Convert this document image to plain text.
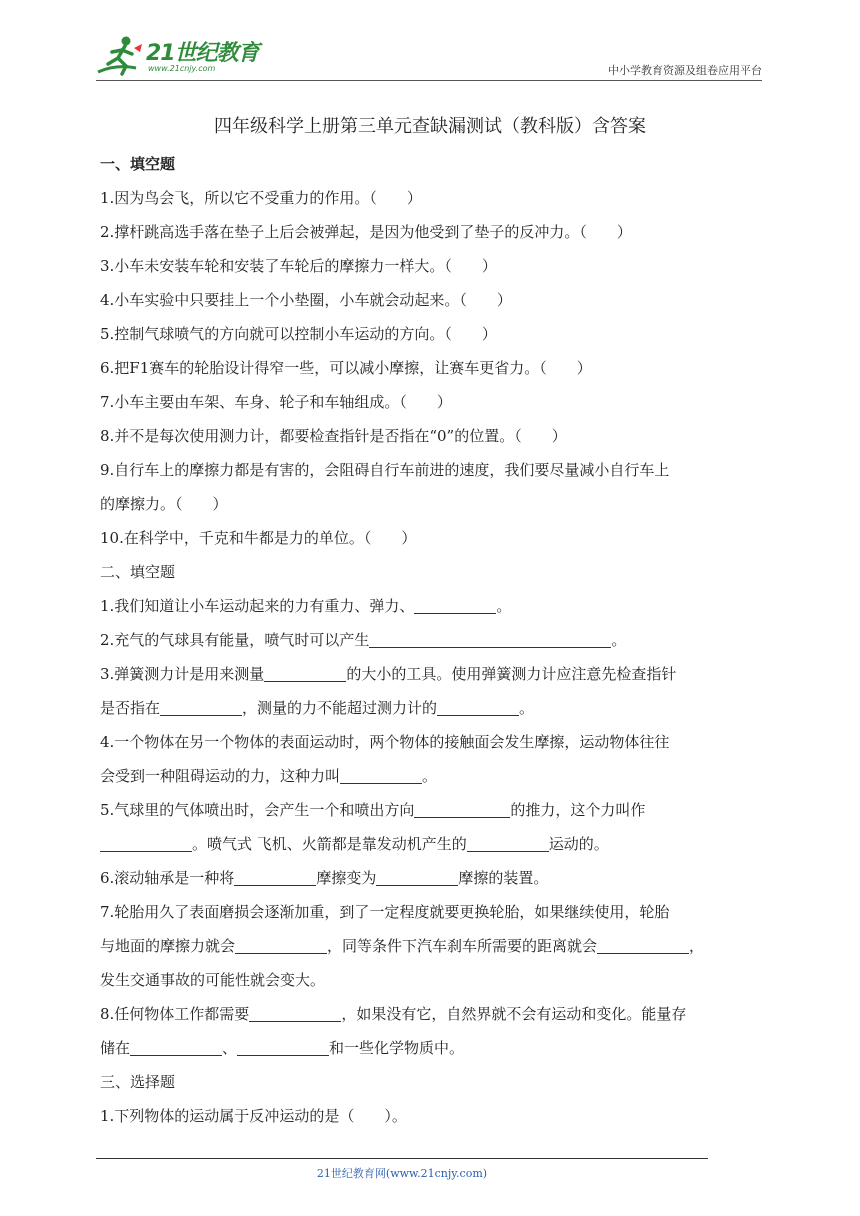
21世纪教育
www.21cnjy.com	中小学教育资源及组卷应用平台
四年级科学上册第三单元查缺漏测试（教科版）含答案
一、填空题
1.因为鸟会飞，所以它不受重力的作用。（　　）
2.撑杆跳高选手落在垫子上后会被弹起，是因为他受到了垫子的反冲力。（　　）
3.小车未安装车轮和安装了车轮后的摩擦力一样大。（　　）
4.小车实验中只要挂上一个小垫圈，小车就会动起来。（　　）
5.控制气球喷气的方向就可以控制小车运动的方向。（　　）
6.把F1赛车的轮胎设计得窄一些，可以减小摩擦，让赛车更省力。（　　）
7.小车主要由车架、车身、轮子和车轴组成。（　　）
8.并不是每次使用测力计，都要检查指针是否指在“0”的位置。（　　）
9.自行车上的摩擦力都是有害的，会阻碍自行车前进的速度，我们要尽量减小自行车上
的摩擦力。（　　）
10.在科学中，千克和牛都是力的单位。（　　）
二、填空题
1.我们知道让小车运动起来的力有重力、弹力、	。
2.充气的气球具有能量，喷气时可以产生	。
3.弹簧测力计是用来测量	的大小的工具。使用弹簧测力计应注意先检查指针
是否指在	，测量的力不能超过测力计的	。
4.一个物体在另一个物体的表面运动时，两个物体的接触面会发生摩擦，运动物体往往
会受到一种阻碍运动的力，这种力叫	。
5.气球里的气体喷出时，会产生一个和喷出方向	的推力，这个力叫作
。喷气式 飞机、火箭都是靠发动机产生的	运动的。
6.滚动轴承是一种将	摩擦变为	摩擦的装置。
7.轮胎用久了表面磨损会逐渐加重，到了一定程度就要更换轮胎，如果继续使用，轮胎
与地面的摩擦力就会	，同等条件下汽车刹车所需要的距离就会	，
发生交通事故的可能性就会变大。
8.任何物体工作都需要	，如果没有它，自然界就不会有运动和变化。能量存
储在	、	和一些化学物质中。
三、选择题
1.下列物体的运动属于反冲运动的是（　　）。
21世纪教育网(www.21cnjy.com)
